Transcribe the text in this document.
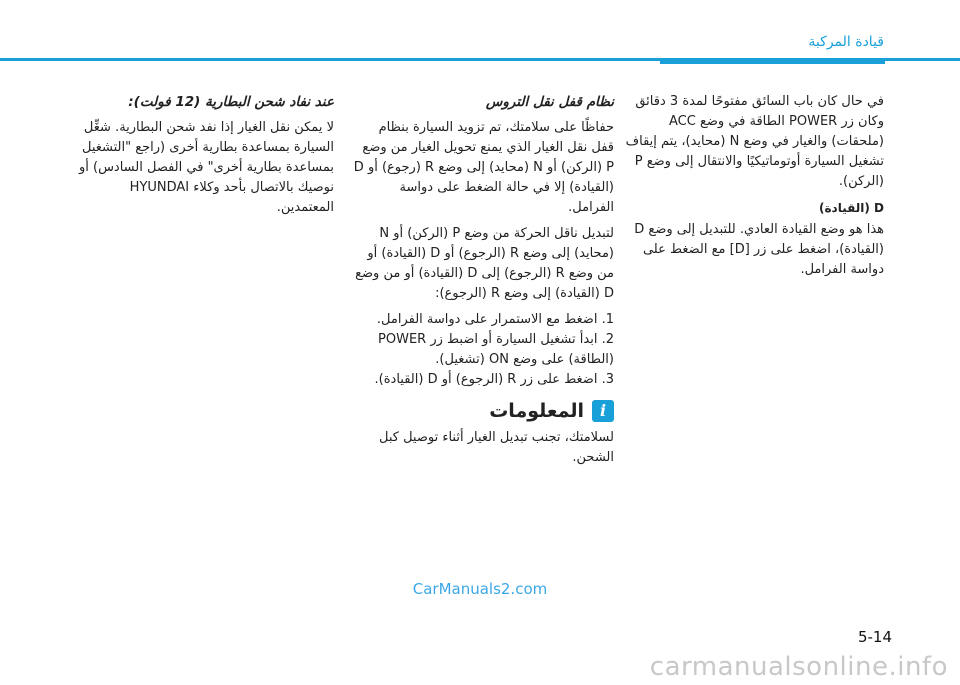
قيادة المركبة

في حال كان باب السائق مفتوحًا لمدة 3 دقائق وكان زر POWER الطاقة في وضع ACC (ملحقات) والغيار في وضع N (محايد)، يتم إيقاف تشغيل السيارة أوتوماتيكيًا والانتقال إلى وضع P (الركن).

D (القيادة)

هذا هو وضع القيادة العادي. للتبديل إلى وضع D (القيادة)، اضغط على زر [D] مع الضغط على دواسة الفرامل.

نظام قفل نقل التروس

حفاظًا على سلامتك، تم تزويد السيارة بنظام قفل نقل الغيار الذي يمنع تحويل الغيار من وضع P (الركن) أو N (محايد) إلى وضع R (رجوع) أو D (القيادة) إلا في حالة الضغط على دواسة الفرامل.

لتبديل ناقل الحركة من وضع P (الركن) أو N (محايد) إلى وضع R (الرجوع) أو D (القيادة) أو من وضع R (الرجوع) إلى D (القيادة) أو من وضع D (القيادة) إلى وضع R (الرجوع):

1. اضغط مع الاستمرار على دواسة الفرامل.
2. ابدأ تشغيل السيارة أو اضبط زر POWER (الطاقة) على وضع ON (تشغيل).
3. اضغط على زر R (الرجوع) أو D (القيادة).
i
المعلومات

لسلامتك، تجنب تبديل الغيار أثناء توصيل كبل الشحن.

عند نفاد شحن البطارية (12 فولت):

لا يمكن نقل الغيار إذا نفد شحن البطارية. شغِّل السيارة بمساعدة بطارية أخرى (راجع "التشغيل بمساعدة بطارية أخرى" في الفصل السادس) أو نوصيك بالاتصال بأحد وكلاء HYUNDAI المعتمدين.

CarManuals2.com
5-14
carmanualsonline.info
